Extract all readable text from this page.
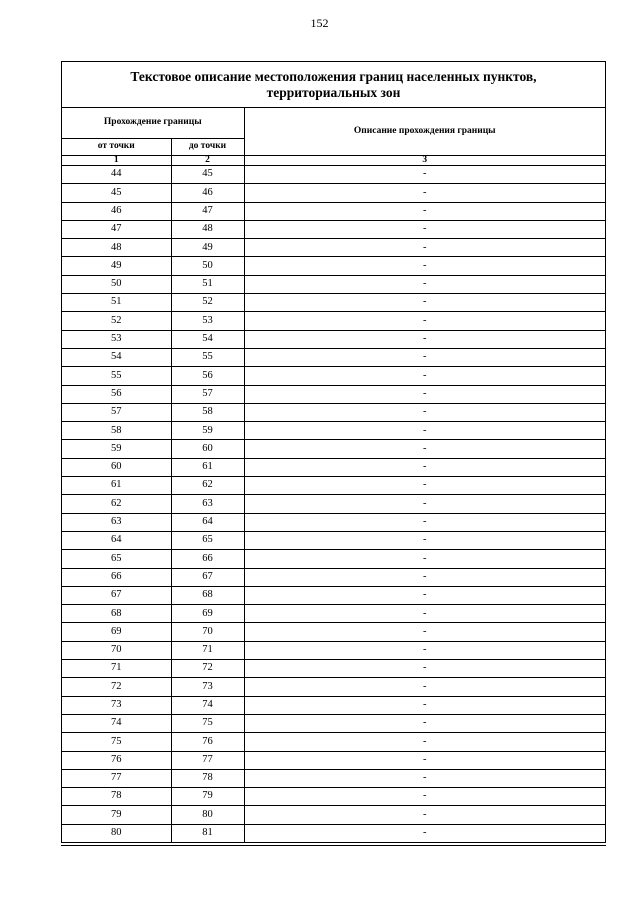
152
Текстовое описание местоположения границ населенных пунктов, территориальных зон
Прохождение границы		Описание прохождения границы
от точки	до точки	
1	2	3
44	45	-
45	46	-
46	47	-
47	48	-
48	49	-
49	50	-
50	51	-
51	52	-
52	53	-
53	54	-
54	55	-
55	56	-
56	57	-
57	58	-
58	59	-
59	60	-
60	61	-
61	62	-
62	63	-
63	64	-
64	65	-
65	66	-
66	67	-
67	68	-
68	69	-
69	70	-
70	71	-
71	72	-
72	73	-
73	74	-
74	75	-
75	76	-
76	77	-
77	78	-
78	79	-
79	80	-
80	81	-
